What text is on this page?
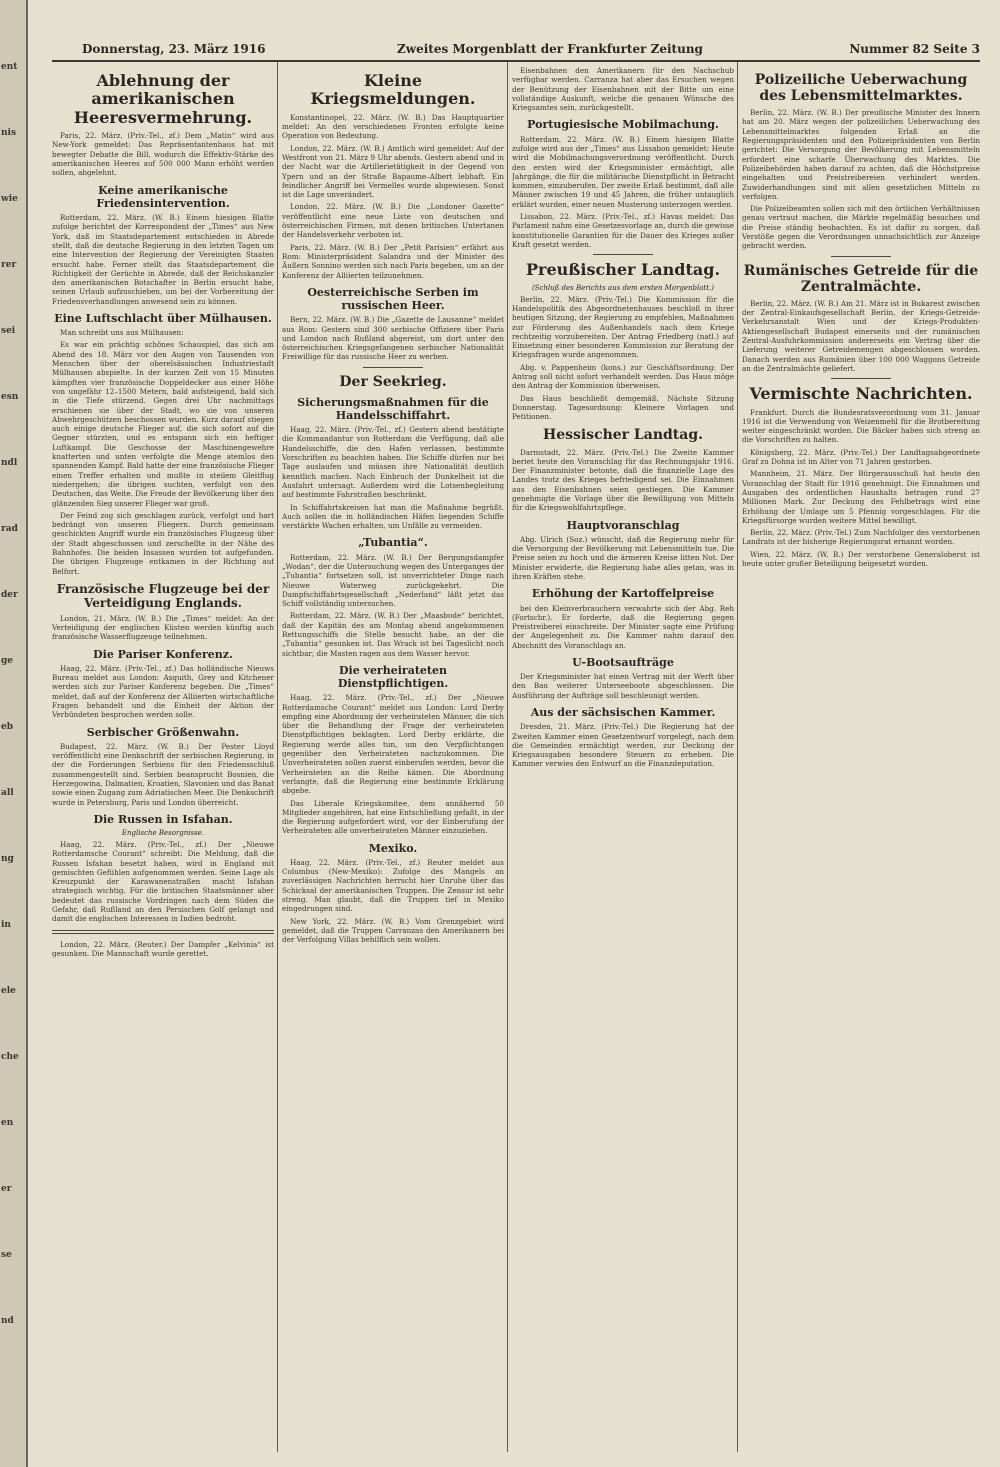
ent
nis
wie
rer
sei
esn
ndl
rad
der
ge
eb
all
ng
in
ele
che
en
er
se
nd
Donnerstag, 23. März 1916	Zweites Morgenblatt der Frankfurter Zeitung	Nummer 82 Seite 3
Ablehnung der amerikanischen Heeresvermehrung.

Paris, 22. März. (Priv.-Tel., zf.) Dem „Matin“ wird aus New-York gemeldet: Das Repräsentantenhaus hat mit bewegter Debatte die Bill, wodurch die Effektiv-Stärke des amerikanischen Heeres auf 500 000 Mann erhöht werden sollen, abgelehnt.

Keine amerikanische Friedensintervention.

Rotterdam, 22. März. (W. B.) Einem hiesigen Blatte zufolge berichtet der Korrespondent der „Times“ aus New York, daß im Staatsdepartement entschieden in Abrede stellt, daß die deutsche Regierung in den letzten Tagen um eine Intervention der Regierung der Vereinigten Staaten ersucht habe. Ferner stellt das Staatsdepartement die Richtigkeit der Gerüchte in Abrede, daß der Reichskanzler den amerikanischen Botschafter in Berlin ersucht habe, seinen Urlaub aufzuschieben, um bei der Vorbereitung der Friedensverhandlungen anwesend sein zu können.

Eine Luftschlacht über Mülhausen.

Man schreibt uns aus Mülhausen:

Es war ein prächtig schönes Schauspiel, das sich am Abend des 18. März vor den Augen von Tausenden von Menschen über der oberelsässischen Industriestadt Mülhausen abspielte. In der kurzen Zeit von 15 Minuten kämpften vier französische Doppeldecker aus einer Höhe von ungefähr 12–1500 Metern, bald aufsteigend, bald sich in die Tiefe stürzend. Gegen drei Uhr nachmittags erschienen sie über der Stadt, wo sie von unseren Abwehrgeschützen beschossen wurden. Kurz darauf stiegen auch einige deutsche Flieger auf, die sich sofort auf die Gegner stürzten, und es entspann sich ein heftiger Luftkampf. Die Geschosse der Maschinengewehre knatterten und unten verfolgte die Menge atemlos den spannenden Kampf. Bald hatte der eine französische Flieger einen Treffer erhalten und mußte in steilem Gleitflug niedergehen; die übrigen suchten, verfolgt von den Deutschen, das Weite. Die Freude der Bevölkerung über den glänzenden Sieg unserer Flieger war groß.

Der Feind zog sich geschlagen zurück, verfolgt und hart bedrängt von unseren Fliegern. Durch gemeinsam geschickten Angriff wurde ein französisches Flugzeug über der Stadt abgeschossen und zerschellte in der Nähe des Bahnhofes. Die beiden Insassen wurden tot aufgefunden. Die übrigen Flugzeuge entkamen in der Richtung auf Belfort.

Französische Flugzeuge bei der Verteidigung Englands.

London, 21. März. (W. B.) Die „Times“ meldet: An der Verteidigung der englischen Küsten werden künftig auch französische Wasserflugzeuge teilnehmen.

Die Pariser Konferenz.

Haag, 22. März. (Priv.-Tel., zf.) Das holländische Nieuws Bureau meldet aus London: Asquith, Grey und Kitchener werden sich zur Pariser Konferenz begeben. Die „Times“ meldet, daß auf der Konferenz der Alliierten wirtschaftliche Fragen behandelt und die Einheit der Aktion der Verbündeten besprochen werden solle.

Serbischer Größenwahn.

Budapest, 22. März. (W. B.) Der Pester Lloyd veröffentlicht eine Denkschrift der serbischen Regierung, in der die Forderungen Serbiens für den Friedensschluß zusammengestellt sind. Serbien beansprucht Bosnien, die Herzegowina, Dalmatien, Kroatien, Slavonien und das Banat sowie einen Zugang zum Adriatischen Meer. Die Denkschrift wurde in Petersburg, Paris und London überreicht.

Die Russen in Isfahan.
Englische Besorgnisse.

Haag, 22. März. (Priv.-Tel., zf.) Der „Nieuwe Rotterdamsche Courant“ schreibt: Die Meldung, daß die Russen Isfahan besetzt haben, wird in England mit gemischten Gefühlen aufgenommen werden. Seine Lage als Kreuzpunkt der Karawanenstraßen macht Isfahan strategisch wichtig. Für die britischen Staatsmänner aber bedeutet das russische Vordringen nach dem Süden die Gefahr, daß Rußland an den Persischen Golf gelangt und damit die englischen Interessen in Indien bedroht.

London, 22. März. (Reuter.) Der Dampfer „Kelvinia“ ist gesunken. Die Mannschaft wurde gerettet.

Kleine Kriegsmeldungen.

Konstantinopel, 22. März. (W. B.) Das Hauptquartier meldet: An den verschiedenen Fronten erfolgte keine Operation von Bedeutung.

London, 22. März. (W. B.) Amtlich wird gemeldet: Auf der Westfront von 21. März 9 Uhr abends. Gestern abend und in der Nacht war die Artillerietätigkeit in der Gegend von Ypern und an der Straße Bapaume–Albert lebhaft. Ein feindlicher Angriff bei Vermelles wurde abgewiesen. Sonst ist die Lage unverändert.

London, 22. März. (W. B.) Die „Londoner Gazette“ veröffentlicht eine neue Liste von deutschen und österreichischen Firmen, mit denen britischen Untertanen der Handelsverkehr verboten ist.

Paris, 22. März. (W. B.) Der „Petit Parisien“ erfährt aus Rom: Ministerpräsident Salandra und der Minister des Äußern Sonnino werden sich nach Paris begeben, um an der Konferenz der Alliierten teilzunehmen.

Oesterreichische Serben im russischen Heer.

Bern, 22. März. (W. B.) Die „Gazette de Lausanne“ meldet aus Rom: Gestern sind 300 serbische Offiziere über Paris und London nach Rußland abgereist, um dort unter den österreichischen Kriegsgefangenen serbischer Nationalität Freiwillige für das russische Heer zu werben.

Der Seekrieg.
Sicherungsmaßnahmen für die Handelsschiffahrt.

Haag, 22. März. (Priv.-Tel., zf.) Gestern abend bestätigte die Kommandantur von Rotterdam die Verfügung, daß alle Handelsschiffe, die den Hafen verlassen, bestimmte Vorschriften zu beachten haben. Die Schiffe dürfen nur bei Tage auslaufen und müssen ihre Nationalität deutlich kenntlich machen. Nach Einbruch der Dunkelheit ist die Ausfahrt untersagt. Außerdem wird die Lotsenbegleitung auf bestimmte Fahrstraßen beschränkt.

In Schiffahrtskreisen hat man die Maßnahme begrüßt. Auch sollen die in holländischen Häfen liegenden Schiffe verstärkte Wachen erhalten, um Unfälle zu vermeiden.

„Tubantia“.

Rotterdam, 22. März. (W. B.) Der Bergungsdampfer „Wodan“, der die Untersuchung wegen des Unterganges der „Tubantia“ fortsetzen soll, ist unverrichteter Dinge nach Nieuwe Waterweg zurückgekehrt. Die Dampfschiffahrtsgesellschaft „Nederland“ läßt jetzt das Schiff vollständig untersuchen.

Rotterdam, 22. März. (W. B.) Der „Maasbode“ berichtet, daß der Kapitän des am Montag abend angekommenen Rettungsschiffs die Stelle besucht habe, an der die „Tubantia“ gesunken ist. Das Wrack ist bei Tageslicht noch sichtbar; die Masten ragen aus dem Wasser hervor.

Die verheirateten Dienstpflichtigen.

Haag, 22. März. (Priv.-Tel., zf.) Der „Nieuwe Rotterdamsche Courant“ meldet aus London: Lord Derby empfing eine Abordnung der verheirateten Männer, die sich über die Behandlung der Frage der verheirateten Dienstpflichtigen beklagten. Lord Derby erklärte, die Regierung werde alles tun, um den Verpflichtungen gegenüber den Verheirateten nachzukommen. Die Unverheirateten sollen zuerst einberufen werden, bevor die Verheirateten an die Reihe kämen. Die Abordnung verlangte, daß die Regierung eine bestimmte Erklärung abgebe.

Das Liberale Kriegskomitee, dem annähernd 50 Mitglieder angehören, hat eine Entschließung gefaßt, in der die Regierung aufgefordert wird, vor der Einberufung der Verheirateten alle unverheirateten Männer einzuziehen.

Mexiko.

Haag, 22. März. (Priv.-Tel., zf.) Reuter meldet aus Columbus (New-Mexiko): Zufolge des Mangels an zuverlässigen Nachrichten herrscht hier Unruhe über das Schicksal der amerikanischen Truppen. Die Zensur ist sehr streng. Man glaubt, daß die Truppen tief in Mexiko eingedrungen sind.

New York, 22. März. (W. B.) Vom Grenzgebiet wird gemeldet, daß die Truppen Carranzas den Amerikanern bei der Verfolgung Villas behilflich sein wollen.

Eisenbahnen den Amerikanern für den Nachschub verfügbar werden. Carranza hat aber das Ersuchen wegen der Benützung der Eisenbahnen mit der Bitte um eine vollständige Auskunft, welche die genauen Wünsche des Kriegsamtes sein, zurückgestellt.

Portugiesische Mobilmachung.

Rotterdam, 22. März. (W. B.) Einem hiesigen Blatte zufolge wird aus der „Times“ aus Lissabon gemeldet: Heute wird die Mobilmachungsverordnung veröffentlicht. Durch den ersten wird der Kriegsminister ermächtigt, alle Jahrgänge, die für die militärische Dienstpflicht in Betracht kommen, einzuberufen. Der zweite Erlaß bestimmt, daß alle Männer zwischen 19 und 45 Jahren, die früher untauglich erklärt wurden, einer neuen Musterung unterzogen werden.

Lissabon, 22. März. (Priv.-Tel., zf.) Havas meldet: Das Parlament nahm eine Gesetzesvorlage an, durch die gewisse konstitutionelle Garantien für die Dauer des Krieges außer Kraft gesetzt werden.

Preußischer Landtag.
(Schluß des Berichts aus dem ersten Morgenblatt.)

Berlin, 22. März. (Priv.-Tel.) Die Kommission für die Handelspolitik des Abgeordnetenhauses beschloß in ihrer heutigen Sitzung, der Regierung zu empfehlen, Maßnahmen zur Förderung des Außenhandels nach dem Kriege rechtzeitig vorzubereiten. Der Antrag Friedberg (natl.) auf Einsetzung einer besonderen Kommission zur Beratung der Kriegsfragen wurde angenommen.

Abg. v. Pappenheim (kons.) zur Geschäftsordnung: Der Antrag soll nicht sofort verhandelt werden. Das Haus möge den Antrag der Kommission überweisen.

Das Haus beschließt demgemäß. Nächste Sitzung Donnerstag. Tagesordnung: Kleinere Vorlagen und Petitionen.

Hessischer Landtag.

Darmstadt, 22. März. (Priv.-Tel.) Die Zweite Kammer beriet heute den Voranschlag für das Rechnungsjahr 1916. Der Finanzminister betonte, daß die finanzielle Lage des Landes trotz des Krieges befriedigend sei. Die Einnahmen aus den Eisenbahnen seien gestiegen. Die Kammer genehmigte die Vorlage über die Bewilligung von Mitteln für die Kriegswohlfahrtspflege.

Hauptvoranschlag

Abg. Ulrich (Soz.) wünscht, daß die Regierung mehr für die Versorgung der Bevölkerung mit Lebensmitteln tue. Die Preise seien zu hoch und die ärmeren Kreise litten Not. Der Minister erwiderte, die Regierung habe alles getan, was in ihren Kräften stehe.

Erhöhung der Kartoffelpreise

bei den Kleinverbrauchern verwahrte sich der Abg. Reh (Fortschr.). Er forderte, daß die Regierung gegen Preistreiberei einschreite. Der Minister sagte eine Prüfung der Angelegenheit zu. Die Kammer nahm darauf den Abschnitt des Voranschlags an.

U-Bootsaufträge

Der Kriegsminister hat einen Vertrag mit der Werft über den Bau weiterer Unterseeboote abgeschlossen. Die Ausführung der Aufträge soll beschleunigt werden.

Aus der sächsischen Kammer.

Dresden, 21. März. (Priv.-Tel.) Die Regierung hat der Zweiten Kammer einen Gesetzentwurf vorgelegt, nach dem die Gemeinden ermächtigt werden, zur Deckung der Kriegsausgaben besondere Steuern zu erheben. Die Kammer verwies den Entwurf an die Finanzdeputation.

Polizeiliche Ueberwachung des Lebensmittelmarktes.

Berlin, 22. März. (W. B.) Der preußische Minister des Innern hat am 20. März wegen der polizeilichen Ueberwachung des Lebensmittelmarktes folgenden Erlaß an die Regierungspräsidenten und den Polizeipräsidenten von Berlin gerichtet: Die Versorgung der Bevölkerung mit Lebensmitteln erfordert eine scharfe Überwachung des Marktes. Die Polizeibehörden haben darauf zu achten, daß die Höchstpreise eingehalten und Preistreibereien verhindert werden. Zuwiderhandlungen sind mit allen gesetzlichen Mitteln zu verfolgen.

Die Polizeibeamten sollen sich mit den örtlichen Verhältnissen genau vertraut machen, die Märkte regelmäßig besuchen und die Preise ständig beobachten. Es ist dafür zu sorgen, daß Verstöße gegen die Verordnungen unnachsichtlich zur Anzeige gebracht werden.

Rumänisches Getreide für die Zentralmächte.

Berlin, 22. März. (W. B.) Am 21. März ist in Bukarest zwischen der Zentral-Einkaufsgesellschaft Berlin, der Kriegs-Getreide-Verkehrsanstalt Wien und der Kriegs-Produkten-Aktiengesellschaft Budapest einerseits und der rumänischen Zentral-Ausfuhrkommission andererseits ein Vertrag über die Lieferung weiterer Getreidemengen abgeschlossen worden. Danach werden aus Rumänien über 100 000 Waggons Getreide an die Zentralmächte geliefert.

Vermischte Nachrichten.

Frankfurt. Durch die Bundesratsverordnung vom 31. Januar 1916 ist die Verwendung von Weizenmehl für die Brotbereitung weiter eingeschränkt worden. Die Bäcker haben sich streng an die Vorschriften zu halten.

Königsberg, 22. März. (Priv.-Tel.) Der Landtagsabgeordnete Graf zu Dohna ist im Alter von 71 Jahren gestorben.

Mannheim, 21. März. Der Bürgerausschuß hat heute den Voranschlag der Stadt für 1916 genehmigt. Die Einnahmen und Ausgaben des ordentlichen Haushalts betragen rund 27 Millionen Mark. Zur Deckung des Fehlbetrags wird eine Erhöhung der Umlage um 5 Pfennig vorgeschlagen. Für die Kriegsfürsorge wurden weitere Mittel bewilligt.

Berlin, 22. März. (Priv.-Tel.) Zum Nachfolger des verstorbenen Landrats ist der bisherige Regierungsrat ernannt worden.

Wien, 22. März. (W. B.) Der verstorbene Generaloberst ist heute unter großer Beteiligung beigesetzt worden.
